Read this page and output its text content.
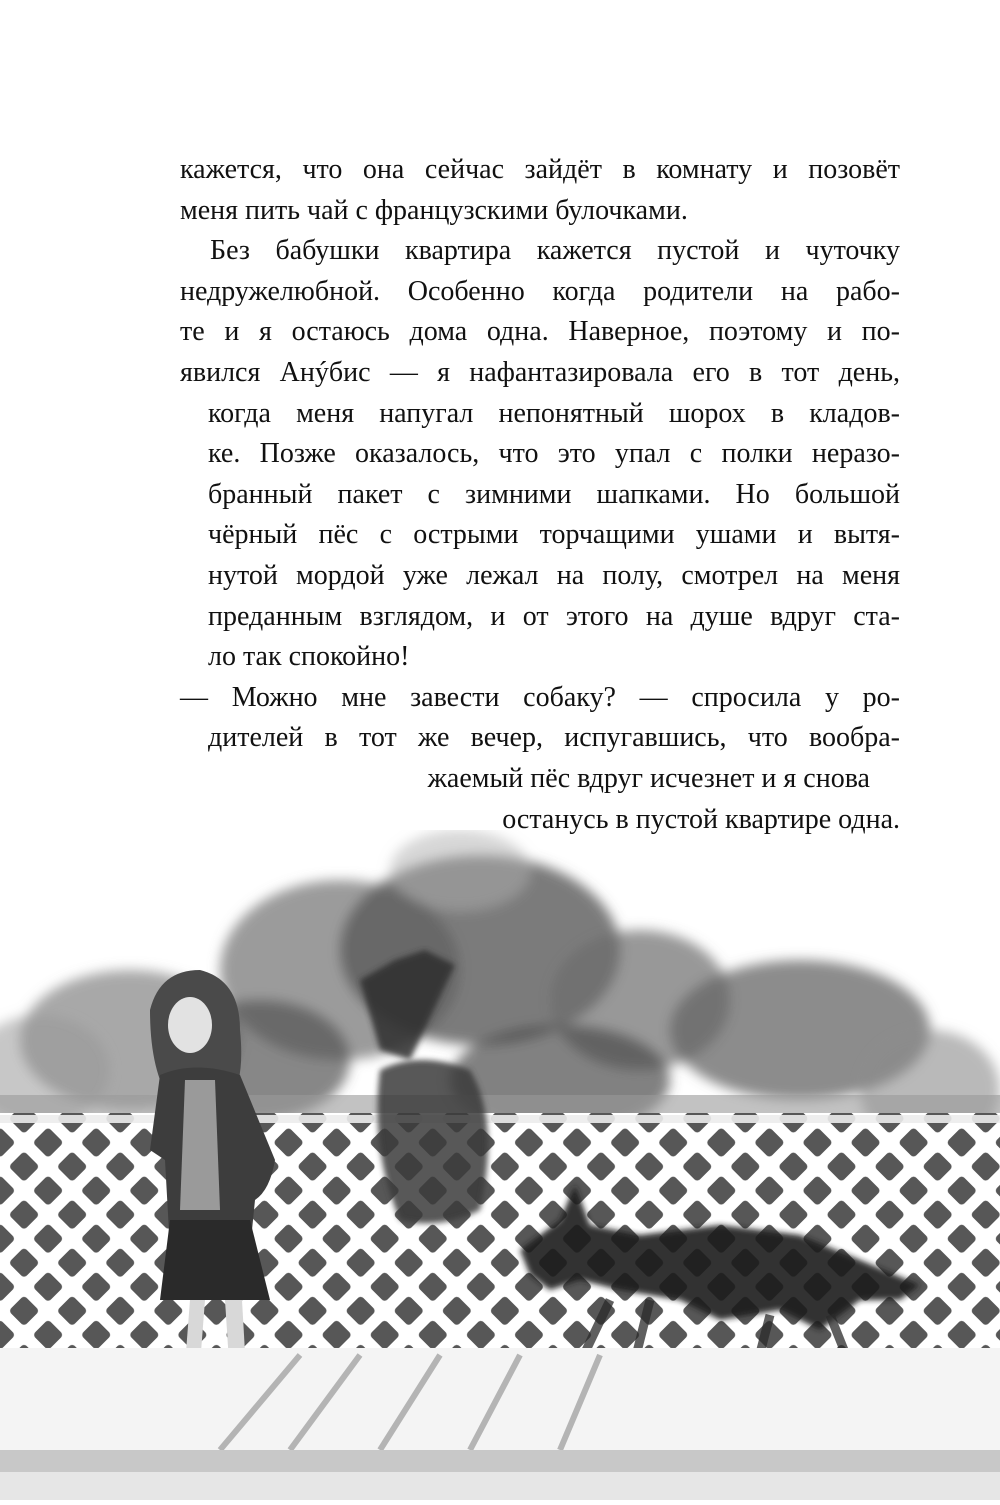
кажется, что она сейчас зайдёт в комнату и позовёт
меня пить чай с французскими булочками.
Без бабушки квартира кажется пустой и чуточку
недружелюбной. Особенно когда родители на рабо-
те и я остаюсь дома одна. Наверное, поэтому и по-
явился Анýбис — я нафантазировала его в тот день,
когда меня напугал непонятный шорох в кладов-
ке. Позже оказалось, что это упал с полки неразо-
бранный пакет с зимними шапками. Но большой
чёрный пёс с острыми торчащими ушами и вытя-
нутой мордой уже лежал на полу, смотрел на меня
преданным взглядом, и от этого на душе вдруг ста-
ло так спокойно!
— Можно мне завести собаку? — спросила у ро-
дителей в тот же вечер, испугавшись, что вообра-
жаемый пёс вдруг исчезнет и я снова
останусь в пустой квартире одна.
